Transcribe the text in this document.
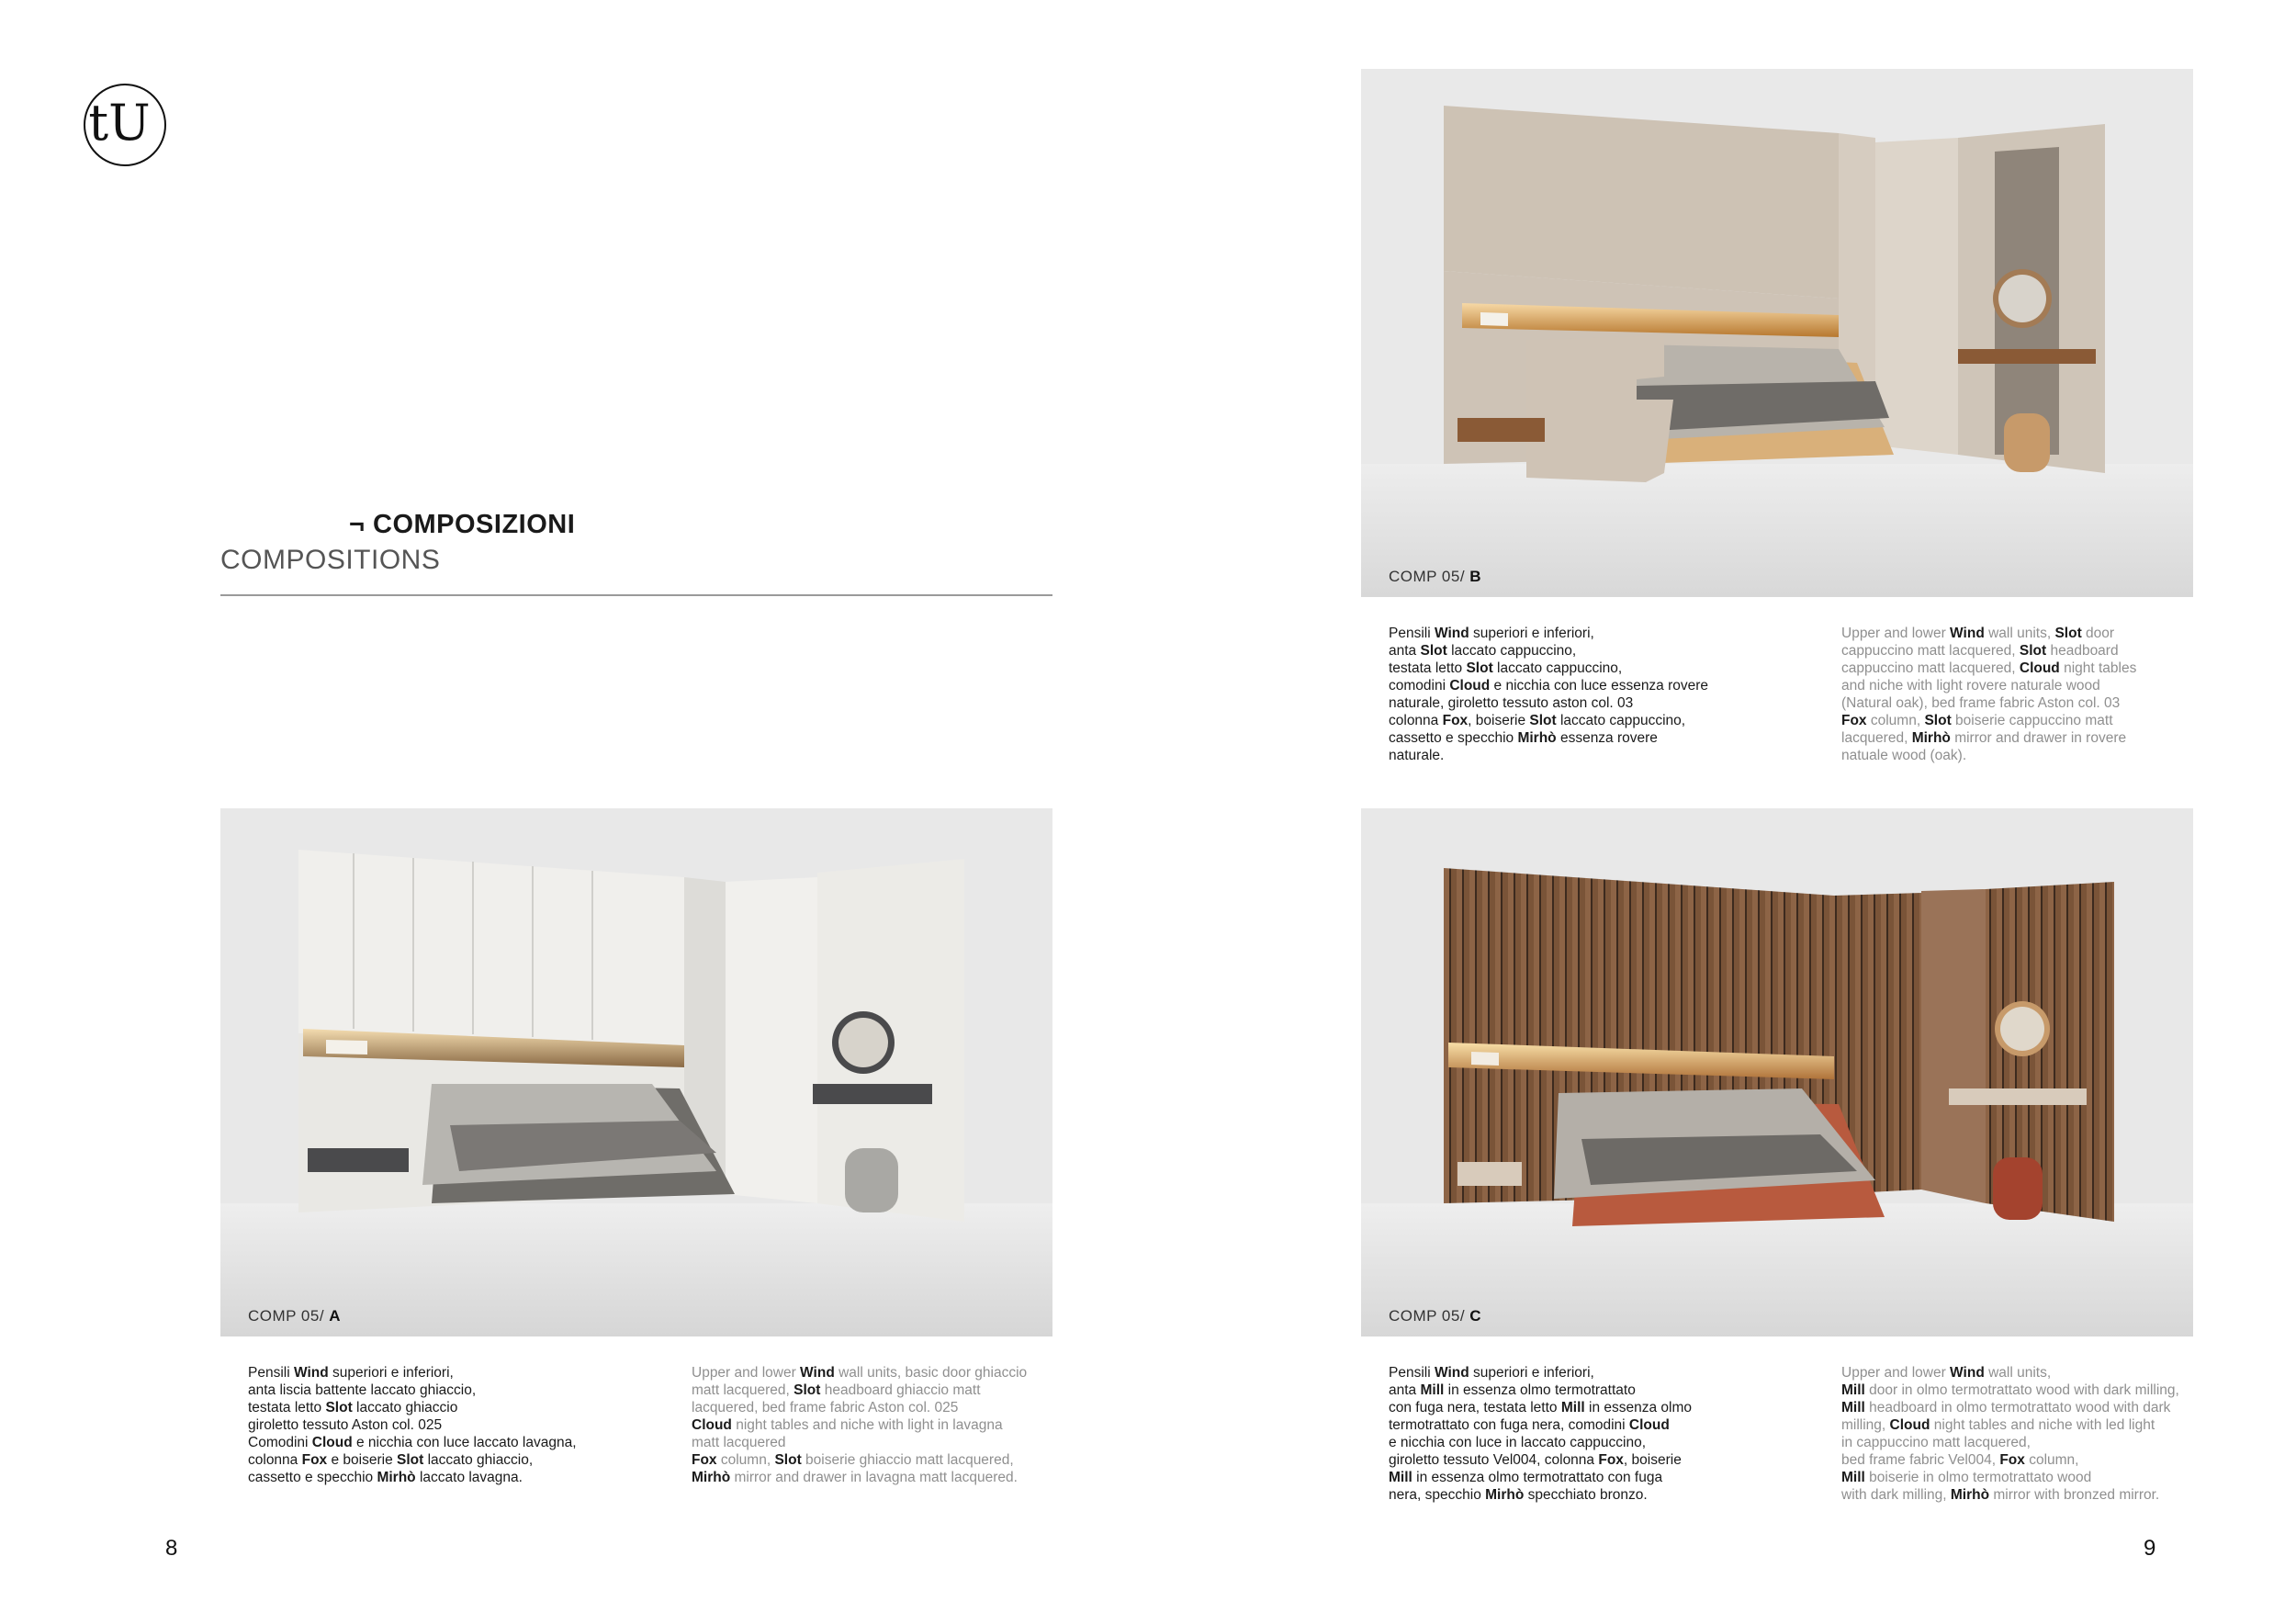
tU
¬ COMPOSIZIONI
COMPOSITIONS
COMP 05/ B
COMP 05/ A	COMP 05/ C
Pensili Wind superiori e inferiori,
anta Slot laccato cappuccino,
testata letto Slot laccato cappuccino,
comodini Cloud e nicchia con luce essenza rovere
naturale, giroletto tessuto aston col. 03
colonna Fox, boiserie Slot laccato cappuccino,
cassetto e specchio Mirhò essenza rovere
naturale.
Upper and lower Wind wall units, Slot door
cappuccino matt lacquered, Slot headboard
cappuccino matt lacquered, Cloud night tables
and niche with light rovere naturale wood
(Natural oak), bed frame fabric Aston col. 03
Fox column, Slot boiserie cappuccino matt
lacquered, Mirhò mirror and drawer in rovere
natuale wood (oak).
Pensili Wind superiori e inferiori,
anta liscia battente laccato ghiaccio,
testata letto Slot laccato ghiaccio
giroletto tessuto Aston col. 025
Comodini Cloud e nicchia con luce laccato lavagna,
colonna Fox e boiserie Slot laccato ghiaccio,
cassetto e specchio Mirhò laccato lavagna.
Upper and lower Wind wall units, basic door ghiaccio
matt lacquered, Slot headboard ghiaccio matt
lacquered, bed frame fabric Aston col. 025
Cloud night tables and niche with light in lavagna
matt lacquered
Fox column, Slot boiserie ghiaccio matt lacquered,
Mirhò mirror and drawer in lavagna matt lacquered.
Pensili Wind superiori e inferiori,
anta Mill in essenza olmo termotrattato
con fuga nera, testata letto Mill in essenza olmo
termotrattato con fuga nera, comodini Cloud
e nicchia con luce in laccato cappuccino,
giroletto tessuto Vel004, colonna Fox, boiserie
Mill in essenza olmo termotrattato con fuga
nera, specchio Mirhò specchiato bronzo.
Upper and lower Wind wall units,
Mill door in olmo termotrattato wood with dark milling,
Mill headboard in olmo termotrattato wood with dark
milling, Cloud night tables and niche with led light
in cappuccino matt lacquered,
bed frame fabric Vel004, Fox column,
Mill boiserie in olmo termotrattato wood
with dark milling, Mirhò mirror with bronzed mirror.
8	9
